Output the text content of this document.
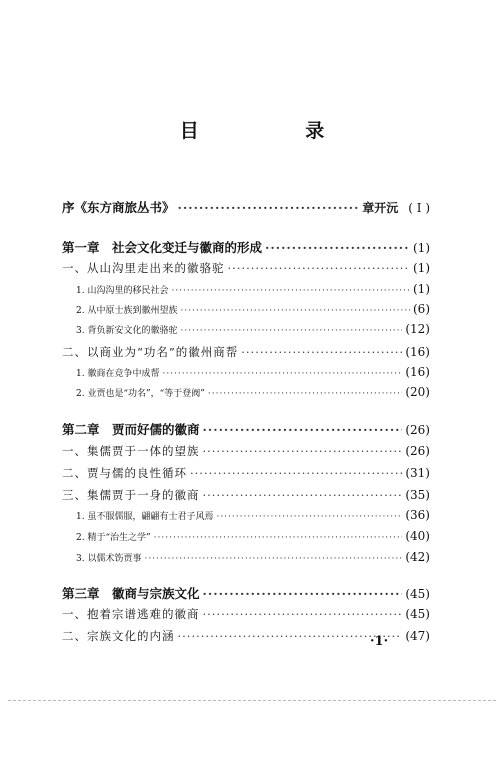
目 录
序《东方商旅丛书》 ·····	章开沅 ( I )
第一章　社会文化变迁与徽商的形成 ·····	(1)
一、从山沟里走出来的徽骆驼 ·····	(1)
1. 山沟沟里的移民社会 ·····	(1)
2. 从中原士族到徽州望族 ·····	(6)
3. 背负新安文化的徽骆驼 ·····	(12)
二、以商业为“功名”的徽州商帮 ·····	(16)
1. 徽商在竞争中成帮 ·····	(16)
2. 业贾也是“功名”，“等于登阀” ·····	(20)
第二章　贾而好儒的徽商 ·····	(26)
一、集儒贾于一体的望族 ·····	(26)
二、贾与儒的良性循环 ·····	(31)
三、集儒贾于一身的徽商 ·····	(35)
1. 虽不服儒服，翩翩有士君子风焉 ·····	(36)
2. 精于“治生之学” ·····	(40)
3. 以儒术饬贾事 ·····	(42)
第三章　徽商与宗族文化 ·····	(45)
一、抱着宗谱逃难的徽商 ·····	(45)
二、宗族文化的内涵 ·····	(47)
·1·
